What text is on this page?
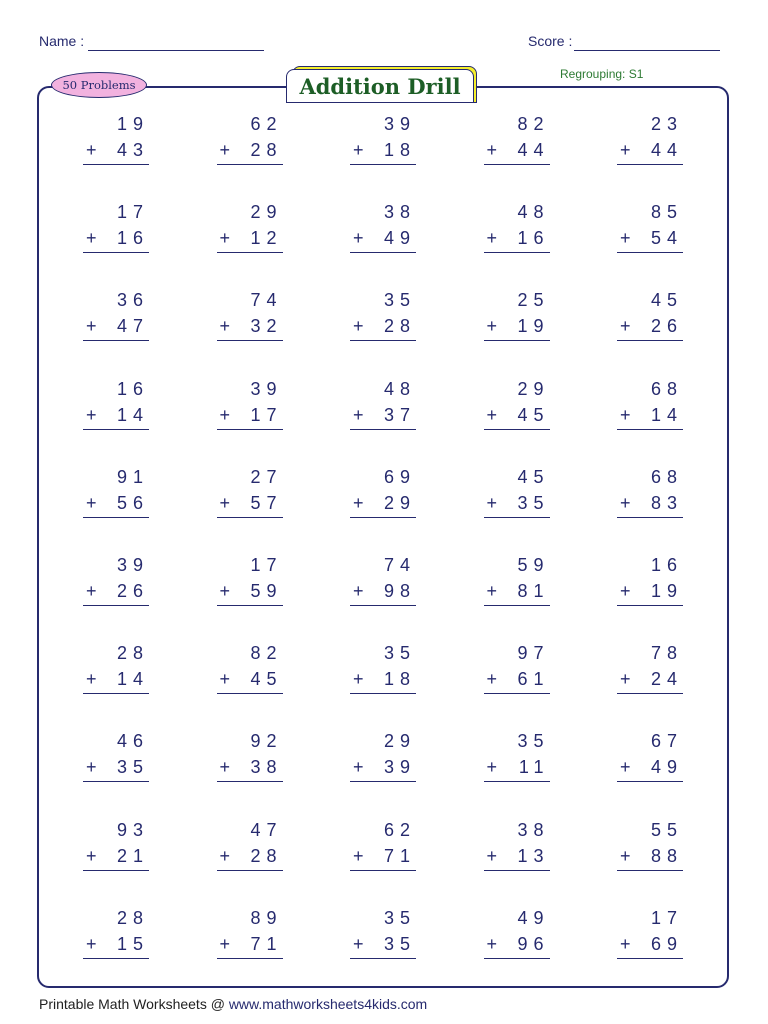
Name :	Score :
50 Problems	Addition Drill	Regrouping: S1
19
+ 43
62
+ 28
39
+ 18
82
+ 44
23
+ 44
17
+ 16
29
+ 12
38
+ 49
48
+ 16
85
+ 54
36
+ 47
74
+ 32
35
+ 28
25
+ 19
45
+ 26
16
+ 14
39
+ 17
48
+ 37
29
+ 45
68
+ 14
91
+ 56
27
+ 57
69
+ 29
45
+ 35
68
+ 83
39
+ 26
17
+ 59
74
+ 98
59
+ 81
16
+ 19
28
+ 14
82
+ 45
35
+ 18
97
+ 61
78
+ 24
46
+ 35
92
+ 38
29
+ 39
35
+ 11
67
+ 49
93
+ 21
47
+ 28
62
+ 71
38
+ 13
55
+ 88
28
+ 15
89
+ 71
35
+ 35
49
+ 96
17
+ 69
Printable Math Worksheets @ www.mathworksheets4kids.com
